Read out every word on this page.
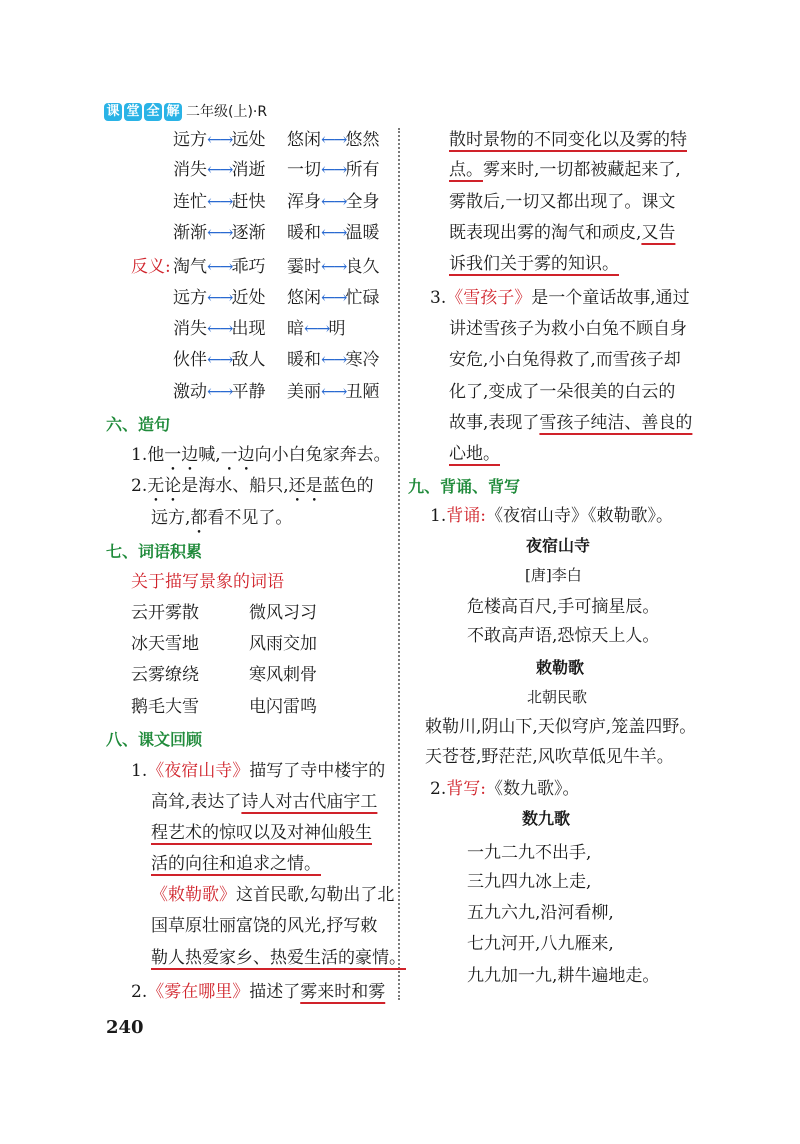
课 堂 全 解 二年级(上)·R
远方←→远处 悠闲←→悠然
消失←→消逝 一切←→所有
连忙←→赶快 浑身←→全身
渐渐←→逐渐 暖和←→温暖
反义: 淘气←→乖巧 霎时←→良久
远方←→近处 悠闲←→忙碌
消失←→出现 暗←→明
伙伴←→敌人 暖和←→寒冷
激动←→平静 美丽←→丑陋
六、造句
1.他一边喊,一边向小白兔家奔去。
2.无论是海水、船只,还是蓝色的
远方,都看不见了。
七、词语积累
关于描写景象的词语
云开雾散	微风习习
冰天雪地	风雨交加
云雾缭绕	寒风刺骨
鹅毛大雪	电闪雷鸣
八、课文回顾
1.《夜宿山寺》描写了寺中楼宇的
高耸,表达了诗人对古代庙宇工
程艺术的惊叹以及对神仙般生
活的向往和追求之情。
《敕勒歌》这首民歌,勾勒出了北
国草原壮丽富饶的风光,抒写敕
勒人热爱家乡、热爱生活的豪情。
2.《雾在哪里》描述了雾来时和雾
240
散时景物的不同变化以及雾的特
点。雾来时,一切都被藏起来了,
雾散后,一切又都出现了。课文
既表现出雾的淘气和顽皮,又告
诉我们关于雾的知识。
3.《雪孩子》是一个童话故事,通过
讲述雪孩子为救小白兔不顾自身
安危,小白兔得救了,而雪孩子却
化了,变成了一朵很美的白云的
故事,表现了雪孩子纯洁、善良的
心地。
九、背诵、背写
1.背诵:《夜宿山寺》《敕勒歌》。
夜宿山寺
[唐]李白
危楼高百尺,手可摘星辰。
不敢高声语,恐惊天上人。
敕勒歌
北朝民歌
敕勒川,阴山下,天似穹庐,笼盖四野。
天苍苍,野茫茫,风吹草低见牛羊。
2.背写:《数九歌》。
数九歌
一九二九不出手,
三九四九冰上走,
五九六九,沿河看柳,
七九河开,八九雁来,
九九加一九,耕牛遍地走。
